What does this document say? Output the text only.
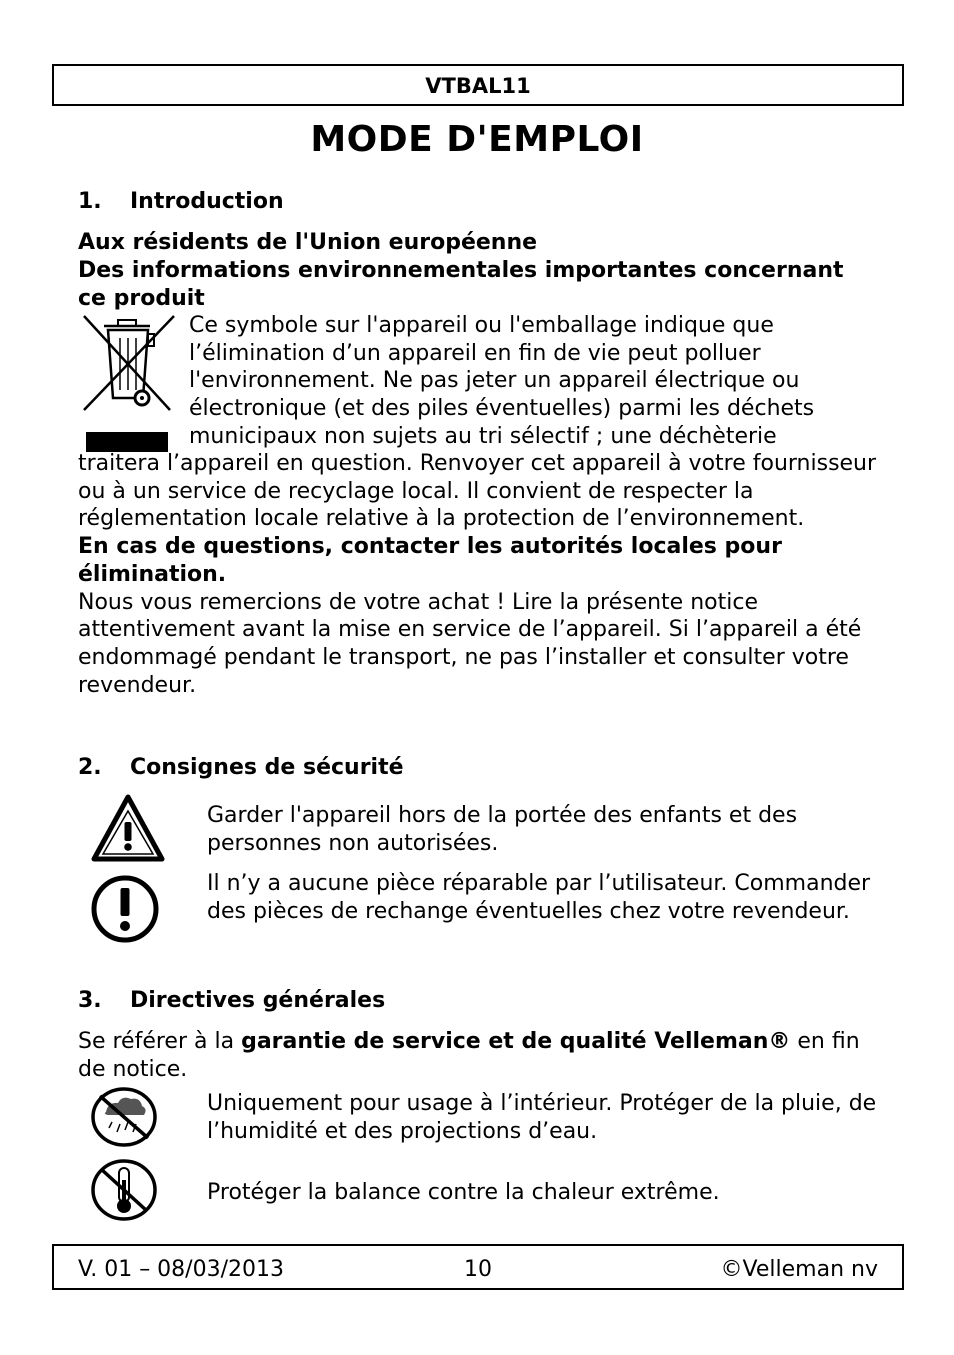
VTBAL11
MODE D'EMPLOI
1. Introduction
Aux résidents de l'Union européenne
Des informations environnementales importantes concernant ce produit
Ce symbole sur l'appareil ou l'emballage indique que
l’élimination d’un appareil en fin de vie peut polluer
l'environnement. Ne pas jeter un appareil électrique ou
électronique (et des piles éventuelles) parmi les déchets
municipaux non sujets au tri sélectif ; une déchèterie
traitera l’appareil en question. Renvoyer cet appareil à votre fournisseur ou à un service de recyclage local. Il convient de respecter la réglementation locale relative à la protection de l’environnement.
En cas de questions, contacter les autorités locales pour élimination.
Nous vous remercions de votre achat ! Lire la présente notice attentivement avant la mise en service de l’appareil. Si l’appareil a été endommagé pendant le transport, ne pas l’installer et consulter votre revendeur.
2. Consignes de sécurité
Garder l'appareil hors de la portée des enfants et des personnes non autorisées.
Il n’y a aucune pièce réparable par l’utilisateur. Commander des pièces de rechange éventuelles chez votre revendeur.
3. Directives générales
Se référer à la garantie de service et de qualité Velleman® en fin de notice.
Uniquement pour usage à l’intérieur. Protéger de la pluie, de l’humidité et des projections d’eau.
Protéger la balance contre la chaleur extrême.
V. 01 – 08/03/2013	10	©Velleman nv
